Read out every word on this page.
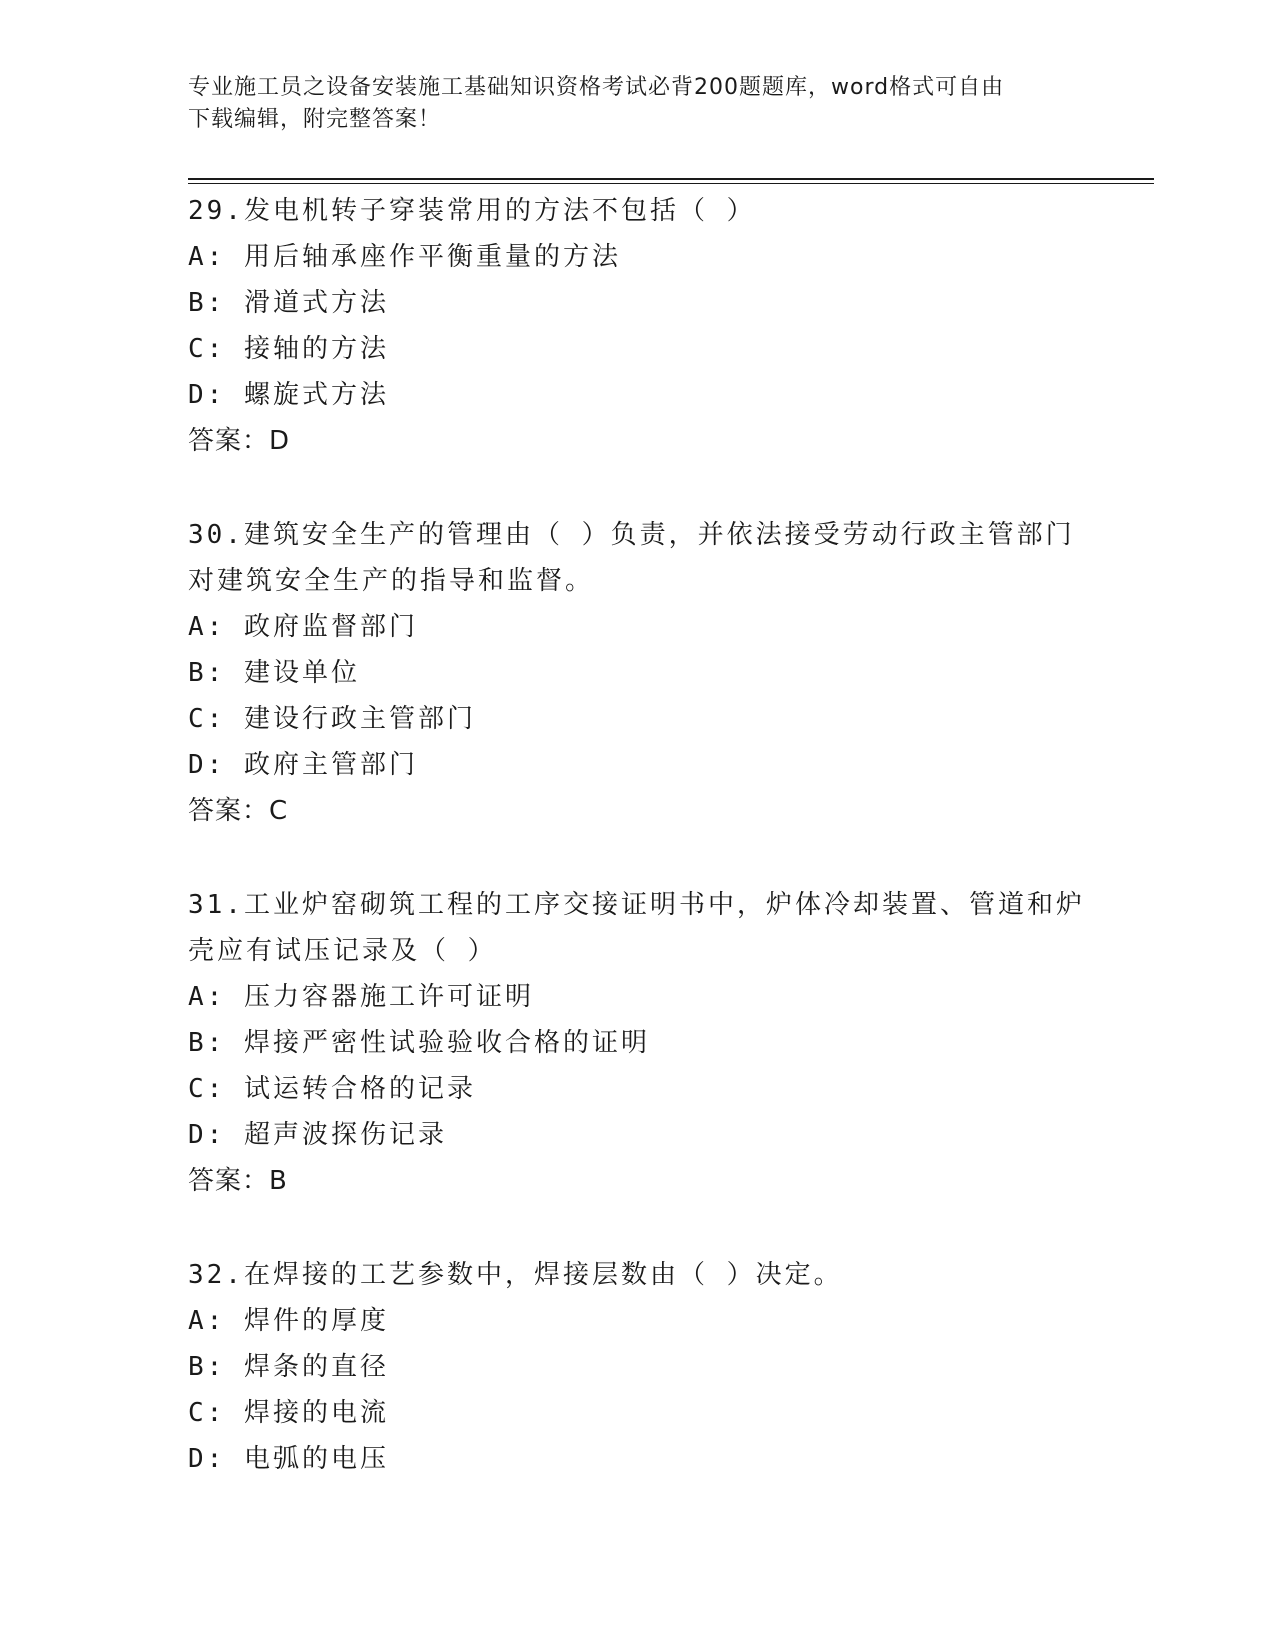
专业施工员之设备安装施工基础知识资格考试必背200题题库，word格式可自由
下载编辑，附完整答案！
29.发电机转子穿装常用的方法不包括（ ）
A: 用后轴承座作平衡重量的方法
B: 滑道式方法
C: 接轴的方法
D: 螺旋式方法
答案：D
30.建筑安全生产的管理由（ ）负责，并依法接受劳动行政主管部门对建筑安全生产的指导和监督。
A: 政府监督部门
B: 建设单位
C: 建设行政主管部门
D: 政府主管部门
答案：C
31.工业炉窑砌筑工程的工序交接证明书中，炉体冷却装置、管道和炉壳应有试压记录及（ ）
A: 压力容器施工许可证明
B: 焊接严密性试验验收合格的证明
C: 试运转合格的记录
D: 超声波探伤记录
答案：B
32.在焊接的工艺参数中，焊接层数由（ ）决定。
A: 焊件的厚度
B: 焊条的直径
C: 焊接的电流
D: 电弧的电压
